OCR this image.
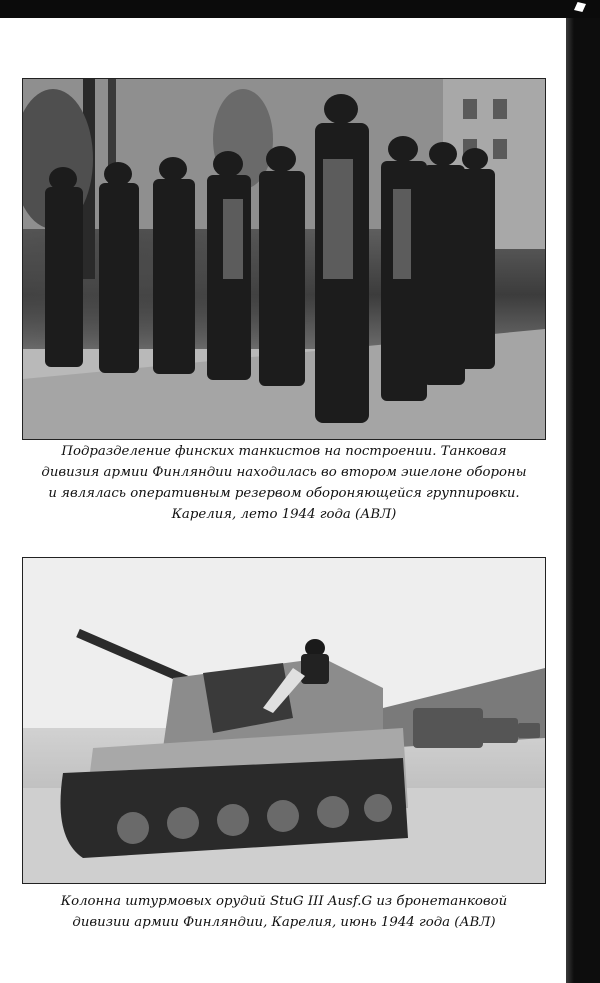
Подразделение финских танкистов на построении. Танковая
дивизия армии Финляндии находилась во втором эшелоне обороны
и являлась оперативным резервом обороняющейся группировки.
Карелия, лето 1944 года (АВЛ)

Колонна штурмовых орудий StuG III Ausf.G из бронетанковой
дивизии армии Финляндии, Карелия, июнь 1944 года (АВЛ)
